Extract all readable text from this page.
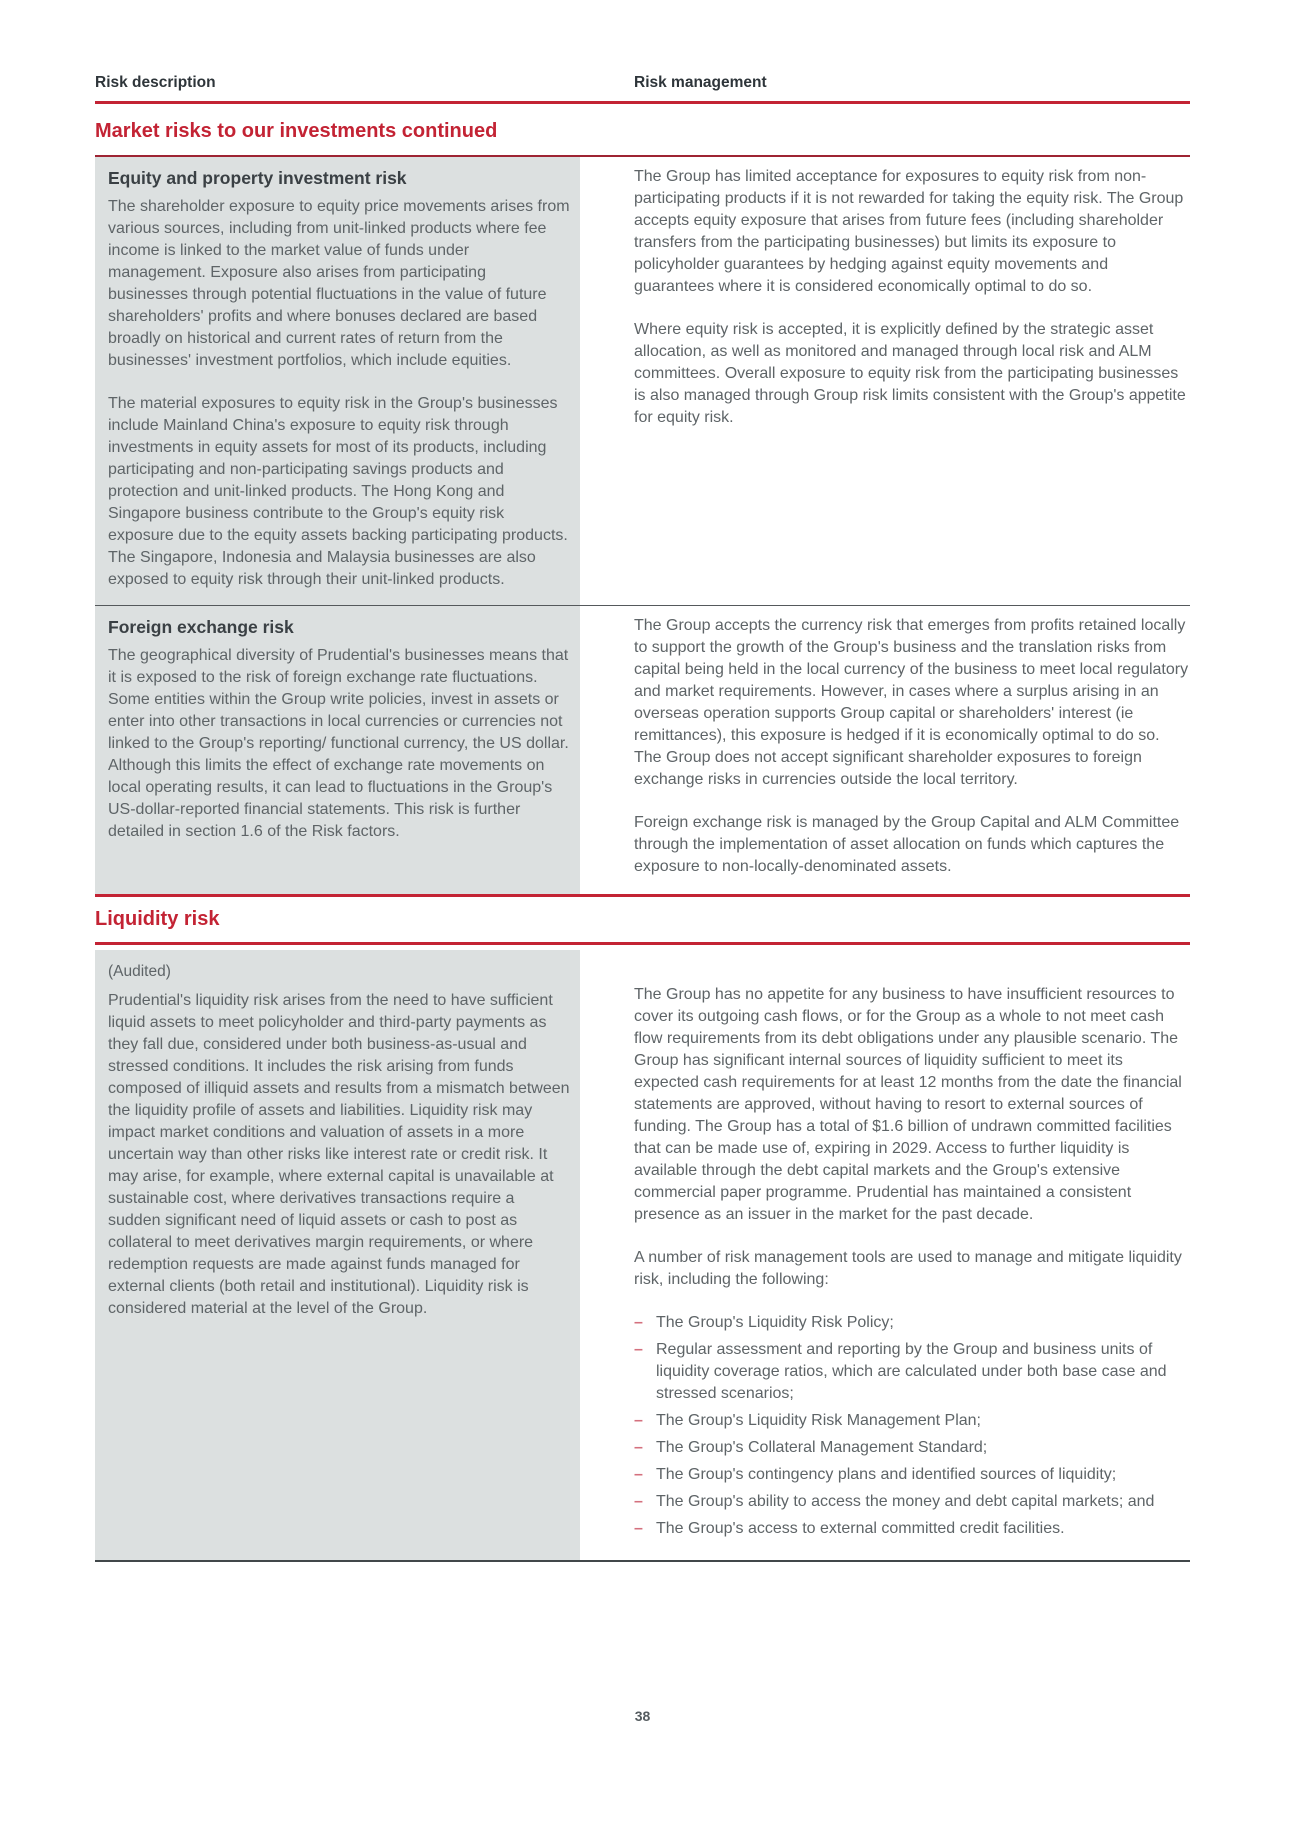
Risk description	Risk management
Market risks to our investments continued
Equity and property investment risk

The shareholder exposure to equity price movements arises from various sources, including from unit-linked products where fee income is linked to the market value of funds under management. Exposure also arises from participating businesses through potential fluctuations in the value of future shareholders' profits and where bonuses declared are based broadly on historical and current rates of return from the businesses' investment portfolios, which include equities.

The material exposures to equity risk in the Group's businesses include Mainland China's exposure to equity risk through investments in equity assets for most of its products, including participating and non-participating savings products and protection and unit-linked products. The Hong Kong and Singapore business contribute to the Group's equity risk exposure due to the equity assets backing participating products. The Singapore, Indonesia and Malaysia businesses are also exposed to equity risk through their unit-linked products.

The Group has limited acceptance for exposures to equity risk from non-participating products if it is not rewarded for taking the equity risk. The Group accepts equity exposure that arises from future fees (including shareholder transfers from the participating businesses) but limits its exposure to policyholder guarantees by hedging against equity movements and guarantees where it is considered economically optimal to do so.

Where equity risk is accepted, it is explicitly defined by the strategic asset allocation, as well as monitored and managed through local risk and ALM committees. Overall exposure to equity risk from the participating businesses is also managed through Group risk limits consistent with the Group's appetite for equity risk.

Foreign exchange risk

The geographical diversity of Prudential's businesses means that it is exposed to the risk of foreign exchange rate fluctuations. Some entities within the Group write policies, invest in assets or enter into other transactions in local currencies or currencies not linked to the Group's reporting/ functional currency, the US dollar. Although this limits the effect of exchange rate movements on local operating results, it can lead to fluctuations in the Group's US-dollar-reported financial statements. This risk is further detailed in section 1.6 of the Risk factors.

The Group accepts the currency risk that emerges from profits retained locally to support the growth of the Group's business and the translation risks from capital being held in the local currency of the business to meet local regulatory and market requirements. However, in cases where a surplus arising in an overseas operation supports Group capital or shareholders' interest (ie remittances), this exposure is hedged if it is economically optimal to do so. The Group does not accept significant shareholder exposures to foreign exchange risks in currencies outside the local territory.

Foreign exchange risk is managed by the Group Capital and ALM Committee through the implementation of asset allocation on funds which captures the exposure to non-locally-denominated assets.

Liquidity risk
(Audited)

Prudential's liquidity risk arises from the need to have sufficient liquid assets to meet policyholder and third-party payments as they fall due, considered under both business-as-usual and stressed conditions. It includes the risk arising from funds composed of illiquid assets and results from a mismatch between the liquidity profile of assets and liabilities. Liquidity risk may impact market conditions and valuation of assets in a more uncertain way than other risks like interest rate or credit risk. It may arise, for example, where external capital is unavailable at sustainable cost, where derivatives transactions require a sudden significant need of liquid assets or cash to post as collateral to meet derivatives margin requirements, or where redemption requests are made against funds managed for external clients (both retail and institutional). Liquidity risk is considered material at the level of the Group.

The Group has no appetite for any business to have insufficient resources to cover its outgoing cash flows, or for the Group as a whole to not meet cash flow requirements from its debt obligations under any plausible scenario. The Group has significant internal sources of liquidity sufficient to meet its expected cash requirements for at least 12 months from the date the financial statements are approved, without having to resort to external sources of funding. The Group has a total of $1.6 billion of undrawn committed facilities that can be made use of, expiring in 2029. Access to further liquidity is available through the debt capital markets and the Group's extensive commercial paper programme. Prudential has maintained a consistent presence as an issuer in the market for the past decade.

A number of risk management tools are used to manage and mitigate liquidity risk, including the following:

– The Group's Liquidity Risk Policy;
– Regular assessment and reporting by the Group and business units of liquidity coverage ratios, which are calculated under both base case and stressed scenarios;
– The Group's Liquidity Risk Management Plan;
– The Group's Collateral Management Standard;
– The Group's contingency plans and identified sources of liquidity;
– The Group's ability to access the money and debt capital markets; and
– The Group's access to external committed credit facilities.
38
